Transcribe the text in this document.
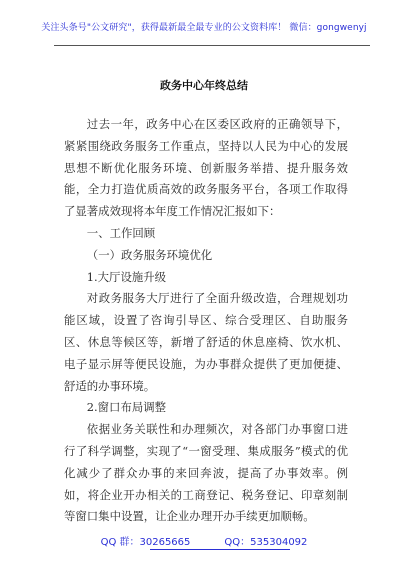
关注头条号"公文研究"，获得最新最全最专业的公文资料库！ 微信：gongwenyj
政务中心年终总结

过去一年，政务中心在区委区政府的正确领导下，紧紧围绕政务服务工作重点，坚持以人民为中心的发展思想不断优化服务环境、创新服务举措、提升服务效能，全力打造优质高效的政务服务平台，各项工作取得了显著成效现将本年度工作情况汇报如下：

一、工作回顾

（一）政务服务环境优化

1.大厅设施升级

对政务服务大厅进行了全面升级改造，合理规划功能区域，设置了咨询引导区、综合受理区、自助服务区、休息等候区等，新增了舒适的休息座椅、饮水机、电子显示屏等便民设施，为办事群众提供了更加便捷、舒适的办事环境。

2.窗口布局调整

依据业务关联性和办理频次，对各部门办事窗口进行了科学调整，实现了“一窗受理、集成服务”模式的优化减少了群众办事的来回奔波，提高了办事效率。例如，将企业开办相关的工商登记、税务登记、印章刻制等窗口集中设置，让企业办理开办手续更加顺畅。

QQ 群：30265665	QQ：535304092
